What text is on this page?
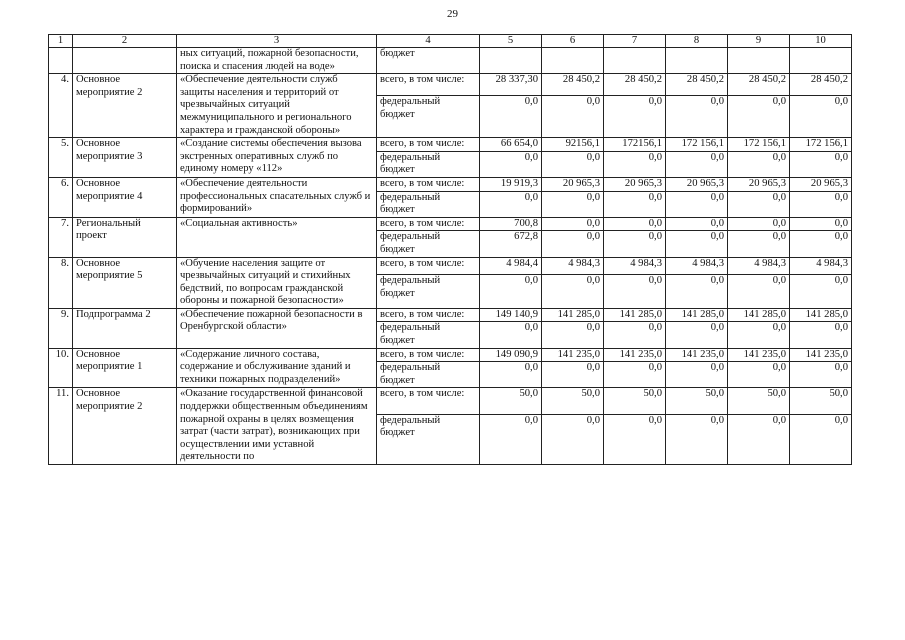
29
1	2	3	4	5	6	7	8	9	10
		ных ситуаций, пожарной безопасности, поиска и спасения людей на воде»	бюджет						
4.	Основное мероприятие 2	«Обеспечение деятельности служб защиты населения и территорий от чрезвычайных ситуаций межмуниципального и регионального характера и гражданской обороны»	всего, в том числе:	28 337,30	28 450,2	28 450,2	28 450,2	28 450,2	28 450,2
			федеральный бюджет	0,0	0,0	0,0	0,0	0,0	0,0
5.	Основное мероприятие 3	«Создание системы обеспечения вызова экстренных оперативных служб по единому номеру «112»	всего, в том числе:	66 654,0	92156,1	172156,1	172 156,1	172 156,1	172 156,1
			федеральный бюджет	0,0	0,0	0,0	0,0	0,0	0,0
6.	Основное мероприятие 4	«Обеспечение деятельности профессиональных спасательных служб и формирований»	всего, в том числе:	19 919,3	20 965,3	20 965,3	20 965,3	20 965,3	20 965,3
			федеральный бюджет	0,0	0,0	0,0	0,0	0,0	0,0
7.	Региональный проект	«Социальная активность»	всего, в том числе:	700,8	0,0	0,0	0,0	0,0	0,0
			федеральный бюджет	672,8	0,0	0,0	0,0	0,0	0,0
8.	Основное мероприятие 5	«Обучение населения защите от чрезвычайных ситуаций и стихийных бедствий, по вопросам гражданской обороны и пожарной безопасности»	всего, в том числе:	4 984,4	4 984,3	4 984,3	4 984,3	4 984,3	4 984,3
			федеральный бюджет	0,0	0,0	0,0	0,0	0,0	0,0
9.	Подпрограмма 2	«Обеспечение пожарной безопасности в Оренбургской области»	всего, в том числе:	149 140,9	141 285,0	141 285,0	141 285,0	141 285,0	141 285,0
			федеральный бюджет	0,0	0,0	0,0	0,0	0,0	0,0
10.	Основное мероприятие 1	«Содержание личного состава, содержание и обслуживание зданий и техники пожарных подразделений»	всего, в том числе:	149 090,9	141 235,0	141 235,0	141 235,0	141 235,0	141 235,0
			федеральный бюджет	0,0	0,0	0,0	0,0	0,0	0,0
11.	Основное мероприятие 2	«Оказание государственной финансовой поддержки общественным объединениям пожарной охраны в целях возмещения затрат (части затрат), возникающих при осуществлении ими уставной деятельности по	всего, в том числе:	50,0	50,0	50,0	50,0	50,0	50,0
			федеральный бюджет	0,0	0,0	0,0	0,0	0,0	0,0
